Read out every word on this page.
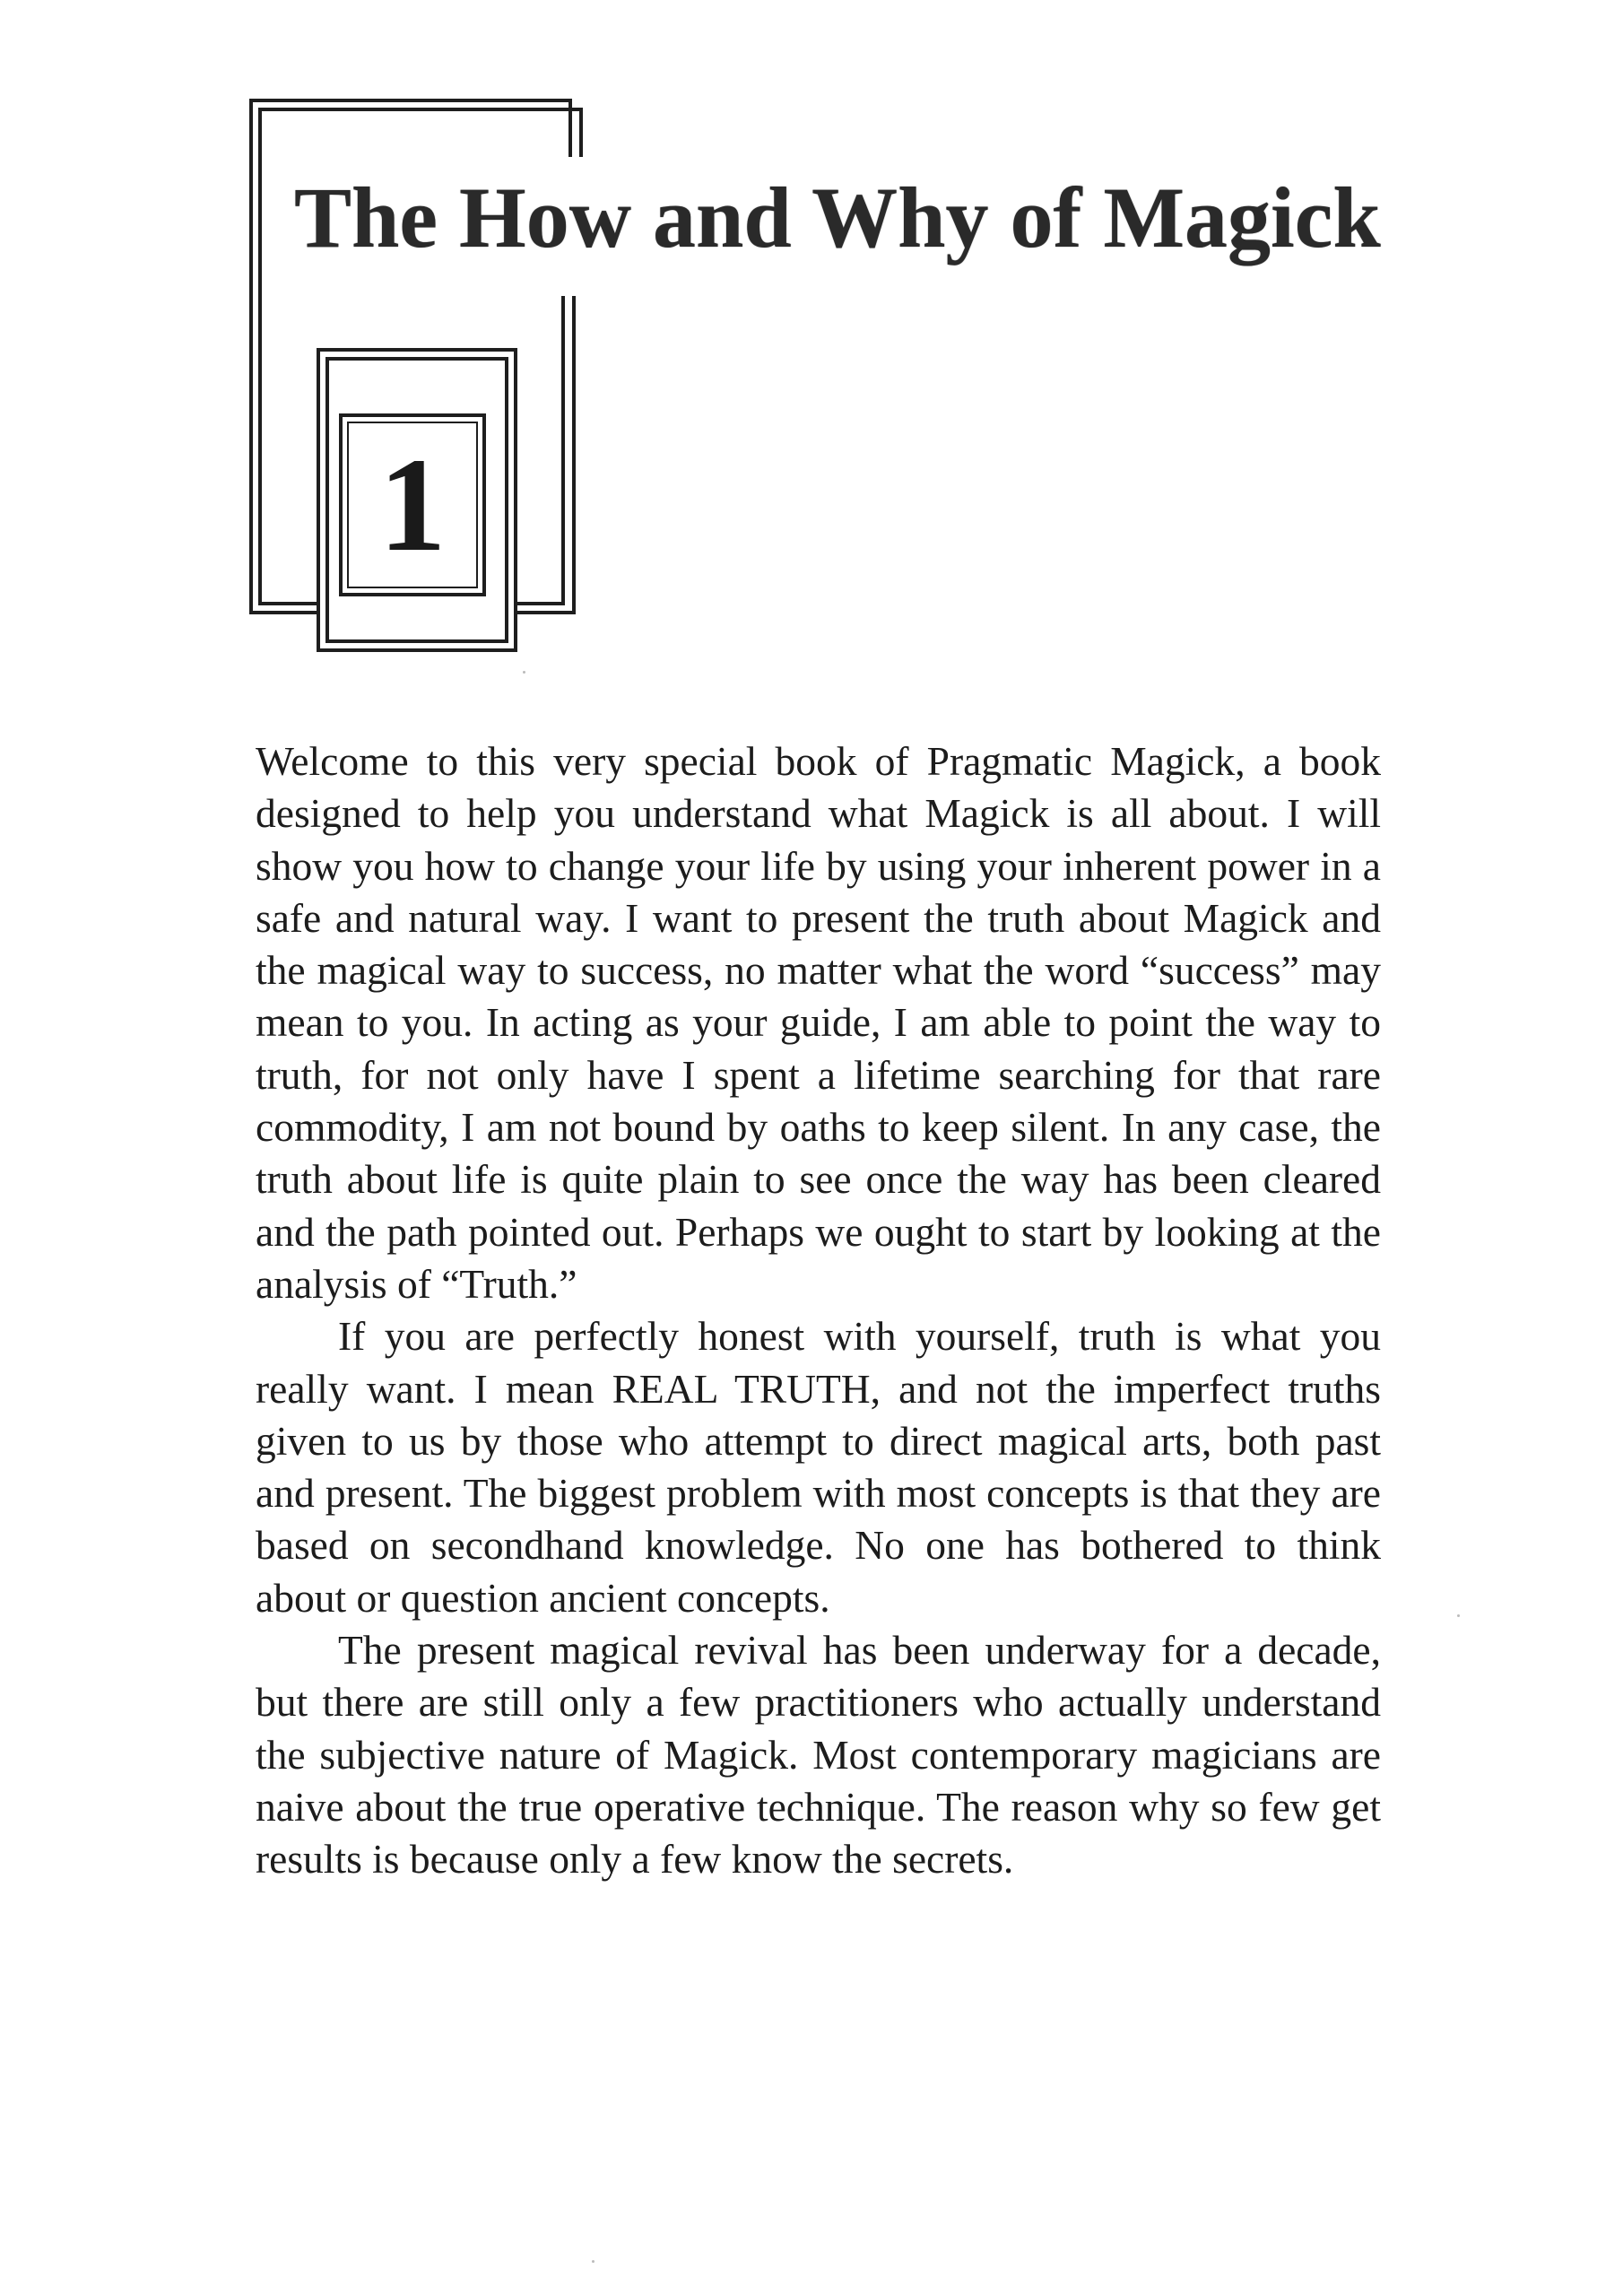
The How and Why of Magick
1

Welcome to this very special book of Pragmatic Magick, a book designed to help you understand what Magick is all about. I will show you how to change your life by using your inherent power in a safe and natural way. I want to present the truth about Magick and the magical way to success, no matter what the word “success” may mean to you. In acting as your guide, I am able to point the way to truth, for not only have I spent a lifetime searching for that rare commodity, I am not bound by oaths to keep silent. In any case, the truth about life is quite plain to see once the way has been cleared and the path pointed out. Perhaps we ought to start by looking at the analysis of “Truth.”

If you are perfectly honest with yourself, truth is what you really want. I mean REAL TRUTH, and not the imperfect truths given to us by those who attempt to direct magical arts, both past and present. The biggest problem with most concepts is that they are based on secondhand knowledge. No one has bothered to think about or question ancient concepts.

The present magical revival has been underway for a decade, but there are still only a few practitioners who actually understand the subjective nature of Magick. Most contemporary magicians are naive about the true operative technique. The reason why so few get results is because only a few know the secrets.
